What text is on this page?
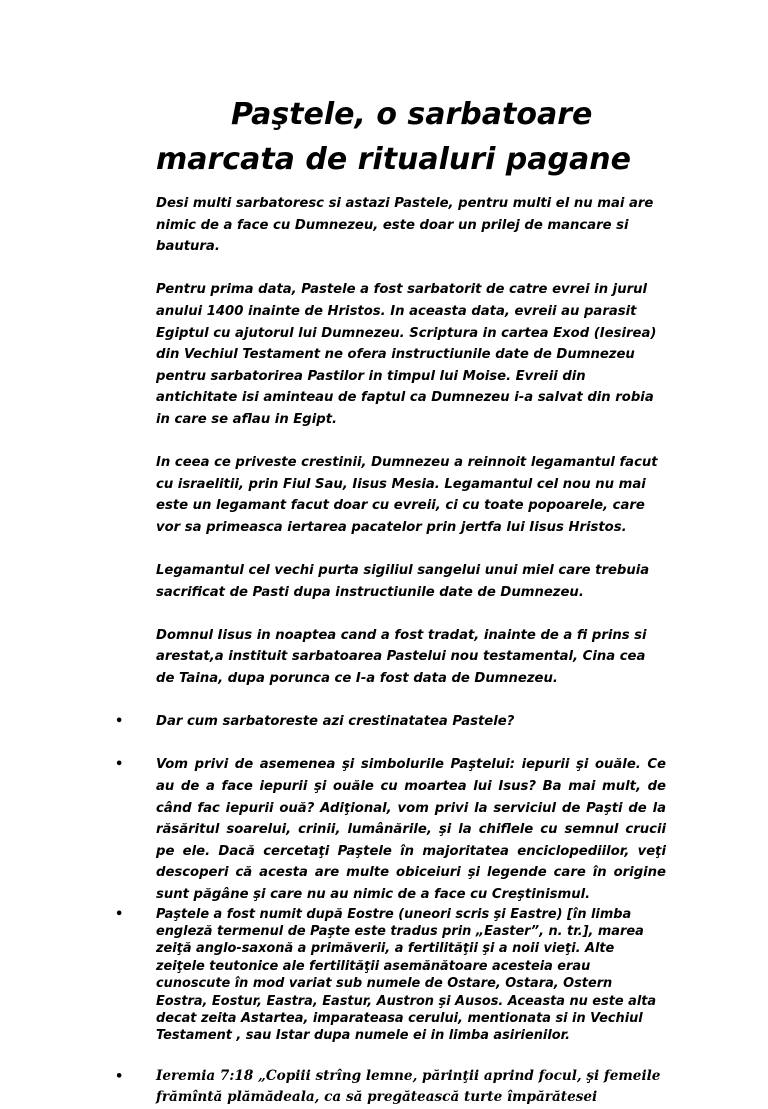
Paştele, o sarbatoare
marcata de ritualuri pagane

Desi multi sarbatoresc si astazi Pastele, pentru multi el nu mai are nimic de a face cu Dumnezeu, este doar un prilej de mancare si bautura.

Pentru prima data, Pastele a fost sarbatorit de catre evrei in jurul anului 1400 inainte de Hristos. In aceasta data, evreii au parasit Egiptul cu ajutorul lui Dumnezeu. Scriptura in cartea Exod (Iesirea) din Vechiul Testament ne ofera instructiunile date de Dumnezeu pentru sarbatorirea Pastilor in timpul lui Moise. Evreii din antichitate isi aminteau de faptul ca Dumnezeu i-a salvat din robia in care se aflau in Egipt.

In ceea ce priveste crestinii, Dumnezeu a reinnoit legamantul facut cu israelitii, prin Fiul Sau, Iisus Mesia. Legamantul cel nou nu mai este un legamant facut doar cu evreii, ci cu toate popoarele, care vor sa primeasca iertarea pacatelor prin jertfa lui Iisus Hristos.

Legamantul cel vechi purta sigiliul sangelui unui miel care trebuia sacrificat de Pasti dupa instructiunile date de Dumnezeu.

Domnul Iisus in noaptea cand a fost tradat, inainte de a fi prins si arestat,a instituit sarbatoarea Pastelui nou testamental, Cina cea de Taina, dupa porunca ce I-a fost data de Dumnezeu.

• Dar cum sarbatoreste azi crestinatatea Pastele?

• Vom privi de asemenea şi simbolurile Paştelui: iepurii şi ouăle. Ce au de a face iepurii şi ouăle cu moartea lui Isus? Ba mai mult, de când fac iepurii ouă? Adiţional, vom privi la serviciul de Paşti de la răsăritul soarelui, crinii, lumânările, şi la chiflele cu semnul crucii pe ele. Dacă cercetaţi Paştele în majoritatea enciclopediilor, veţi descoperi că acesta are multe obiceiuri şi legende care în origine sunt păgâne şi care nu au nimic de a face cu Creştinismul.

•	Paştele a fost numit după Eostre (uneori scris şi Eastre) [în limba engleză termenul de Paşte este tradus prin „Easter”, n. tr.], marea zeiţă anglo-saxonă a primăverii, a fertilităţii şi a noii vieţi. Alte zeiţele teutonice ale fertilităţii asemănătoare acesteia erau cunoscute în mod variat sub numele de Ostare, Ostara, Ostern Eostra, Eostur, Eastra, Eastur, Austron şi Ausos. Aceasta nu este alta decat zeita Astartea, imparateasa cerului, mentionata si in Vechiul Testament , sau Istar dupa numele ei in limba asirienilor.

• Ieremia 7:18 „Copiii strîng lemne, părinţii aprind focul, şi femeile frămîntă plămădeala, ca să pregătească turte împărătesei
